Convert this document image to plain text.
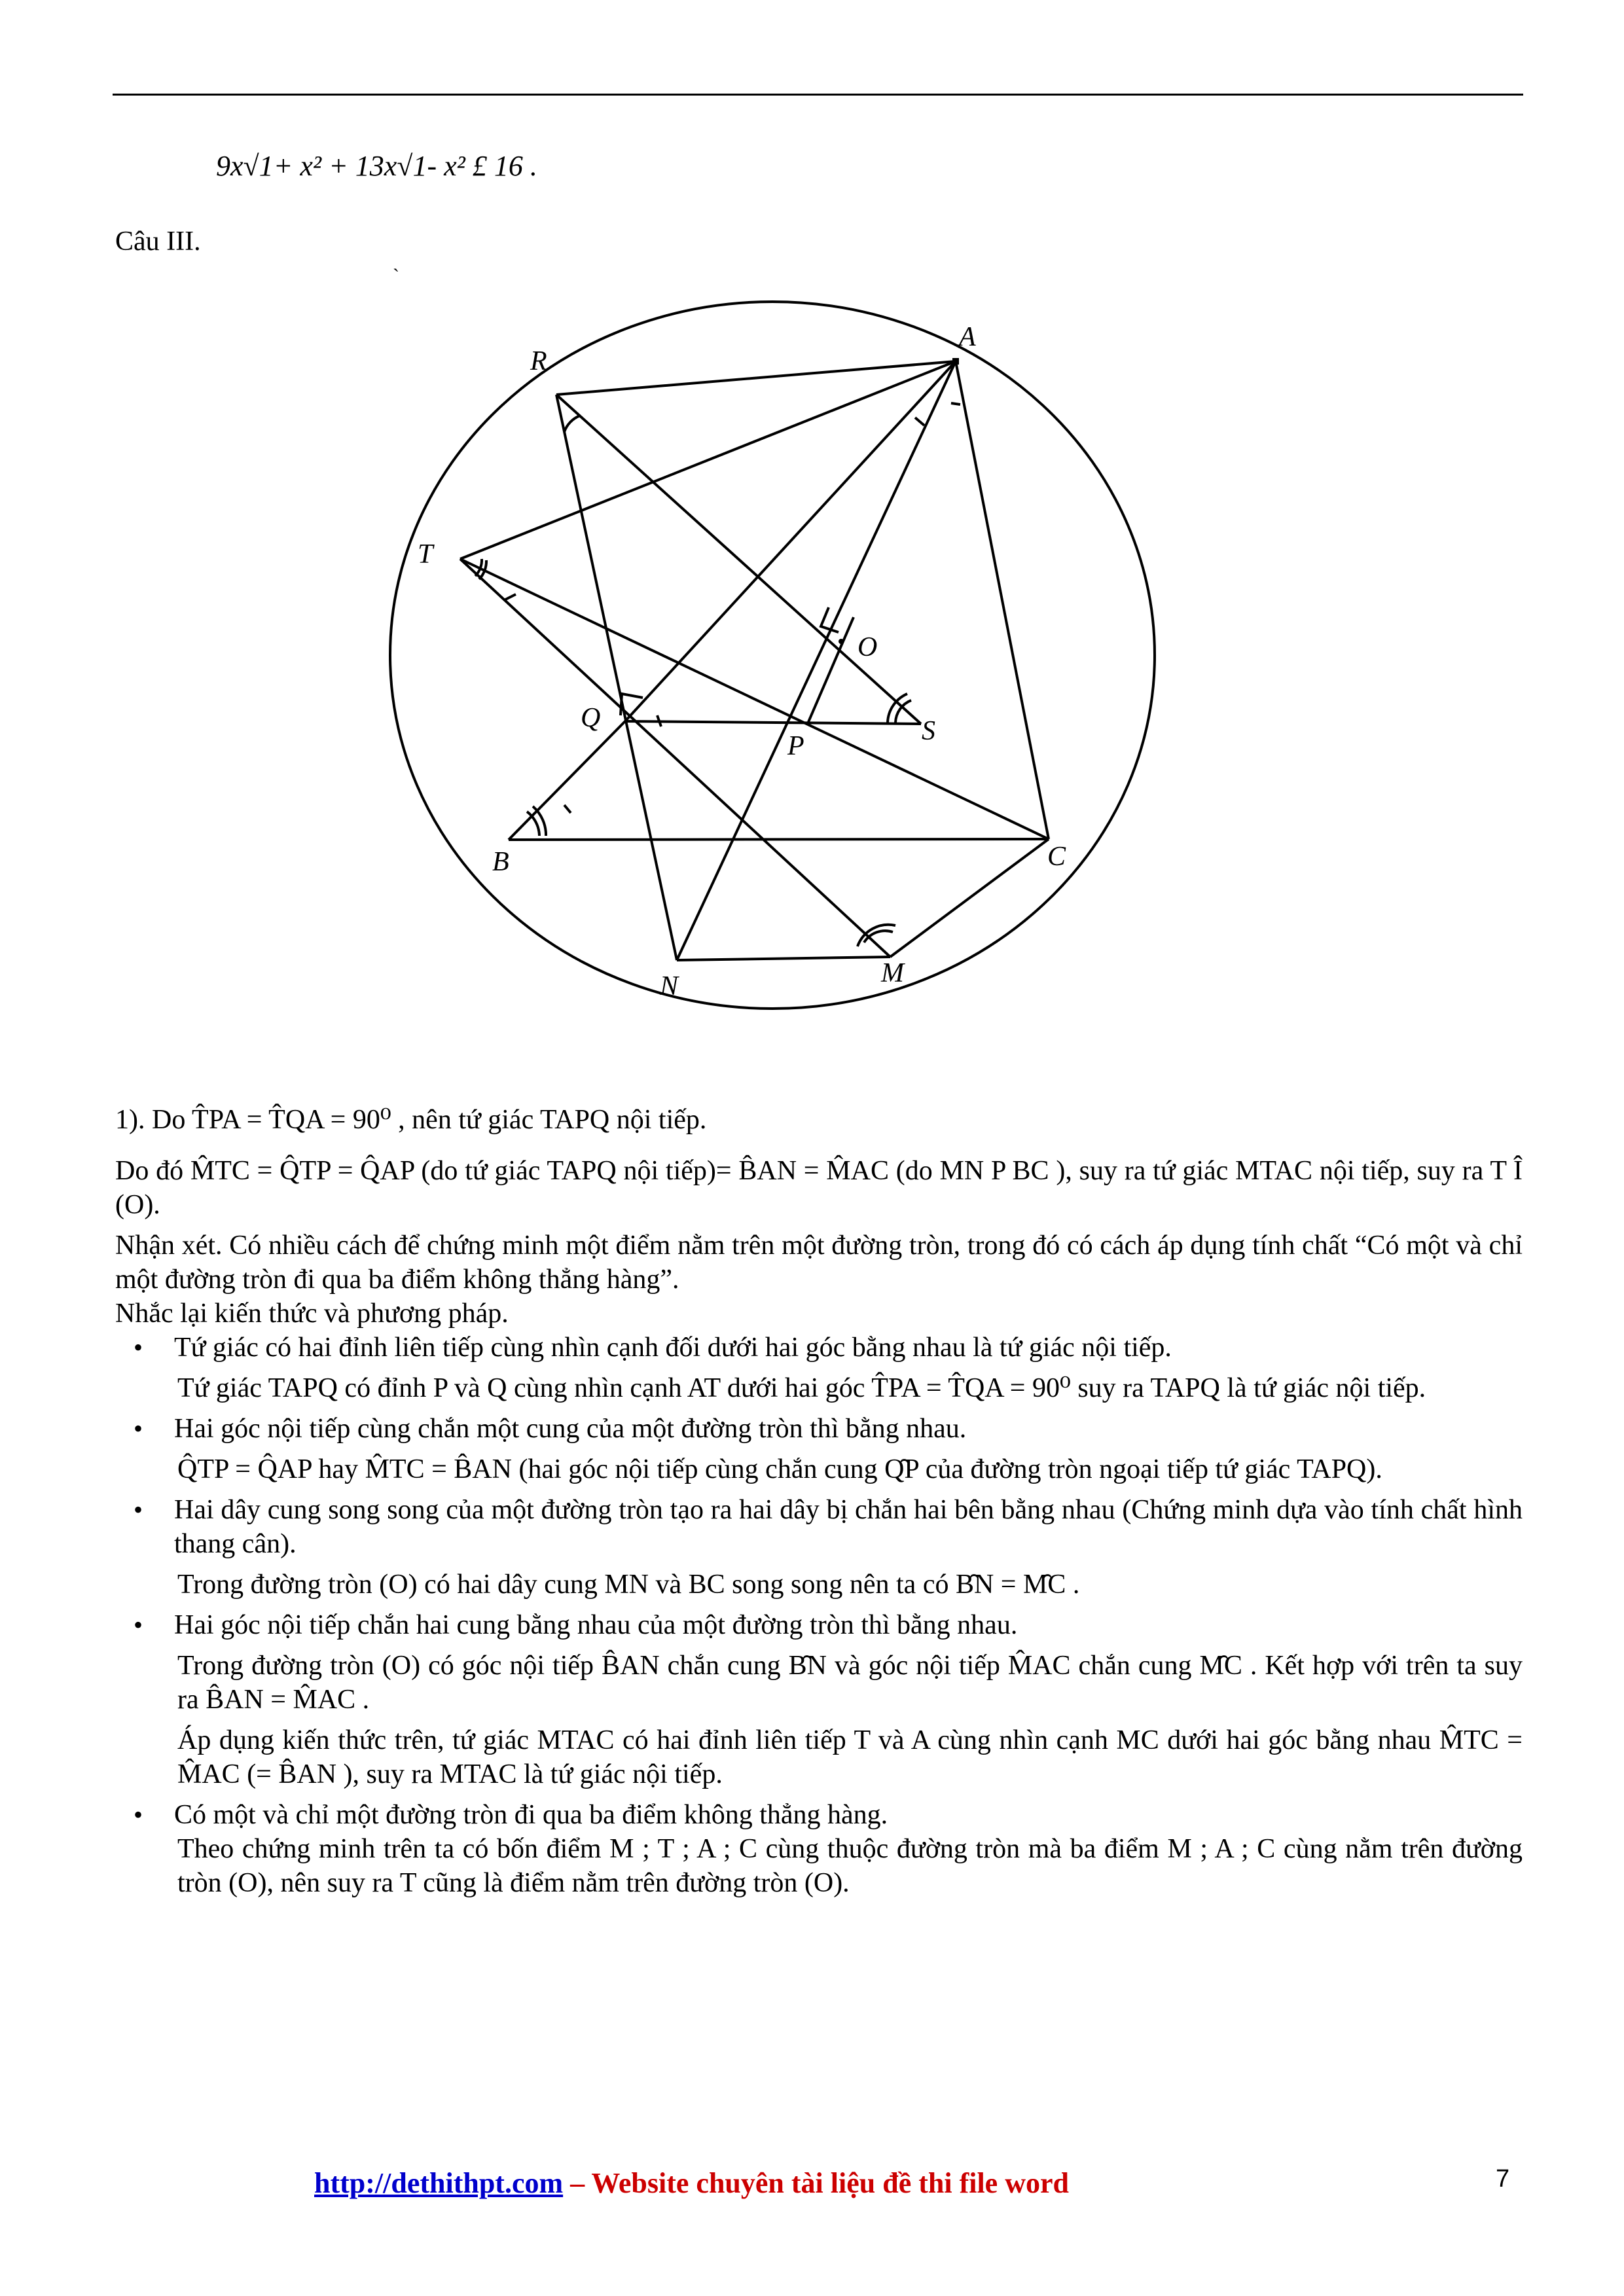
9x√1+ x² + 13x√1- x² £ 16 .
Câu III.
`
A
R
T
O
Q	S
P
B	C
N	M

1). Do T̂PA = T̂QA = 90⁰ , nên tứ giác TAPQ nội tiếp.

Do đó M̂TC = Q̂TP = Q̂AP (do tứ giác TAPQ nội tiếp)= B̂AN = M̂AC (do MN P BC ), suy ra tứ giác MTAC nội tiếp, suy ra T Î (O).

Nhận xét. Có nhiều cách để chứng minh một điểm nằm trên một đường tròn, trong đó có cách áp dụng tính chất “Có một và chỉ một đường tròn đi qua ba điểm không thẳng hàng”.

Nhắc lại kiến thức và phương pháp.

• Tứ giác có hai đỉnh liên tiếp cùng nhìn cạnh đối dưới hai góc bằng nhau là tứ giác nội tiếp.
Tứ giác TAPQ có đỉnh P và Q cùng nhìn cạnh AT dưới hai góc T̂PA = T̂QA = 90⁰ suy ra TAPQ là tứ giác nội tiếp.
• Hai góc nội tiếp cùng chắn một cung của một đường tròn thì bằng nhau.
Q̂TP = Q̂AP hay M̂TC = B̂AN (hai góc nội tiếp cùng chắn cung Q̑P của đường tròn ngoại tiếp tứ giác TAPQ).
• Hai dây cung song song của một đường tròn tạo ra hai dây bị chắn hai bên bằng nhau (Chứng minh dựa vào tính chất hình thang cân).
Trong đường tròn (O) có hai dây cung MN và BC song song nên ta có B̑N = M̑C .
• Hai góc nội tiếp chắn hai cung bằng nhau của một đường tròn thì bằng nhau.
Trong đường tròn (O) có góc nội tiếp B̂AN chắn cung B̑N và góc nội tiếp M̂AC chắn cung M̑C . Kết hợp với trên ta suy ra B̂AN = M̂AC .
Áp dụng kiến thức trên, tứ giác MTAC có hai đỉnh liên tiếp T và A cùng nhìn cạnh MC dưới hai góc bằng nhau M̂TC = M̂AC (= B̂AN ), suy ra MTAC là tứ giác nội tiếp.
• Có một và chỉ một đường tròn đi qua ba điểm không thẳng hàng.
Theo chứng minh trên ta có bốn điểm M ; T ; A ; C cùng thuộc đường tròn mà ba điểm M ; A ; C cùng nằm trên đường tròn (O), nên suy ra T cũng là điểm nằm trên đường tròn (O).
http://dethithpt.com – Website chuyên tài liệu đề thi file word	7
